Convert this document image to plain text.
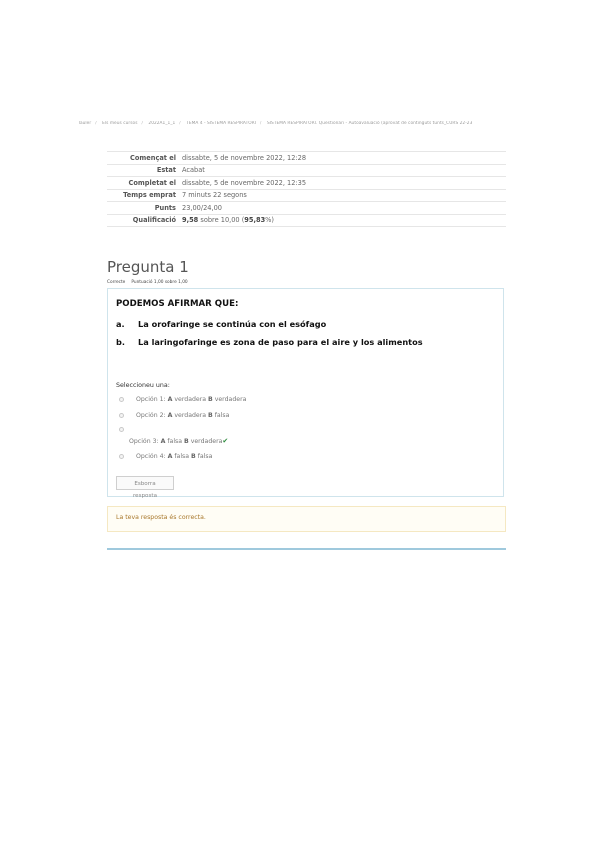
Tauler / Els meus cursos / 2022A1_1_1 / TEMA 4 - SISTEMA RESPIRATORI / SISTEMA RESPIRATORI. Qüestionari - Autoavaluació (aprovat de continguts tunts_CURS 22-23
Començat el	dissabte, 5 de novembre 2022, 12:28
Estat	Acabat
Completat el	dissabte, 5 de novembre 2022, 12:35
Temps emprat	7 minuts 22 segons
Punts	23,00/24,00
Qualificació	9,58 sobre 10,00 (95,83%)
Pregunta 1
Correcte Puntuació 1,00 sobre 1,00
PODEMOS AFIRMAR QUE:
a. La orofaringe se continúa con el esófago
b. La laringofaringe es zona de paso para el aire y los alimentos
Seleccioneu una:
Opción 1: A verdadera B verdadera
Opción 2: A verdadera B falsa
Opción 3: A falsa B verdadera✔
Opción 4: A falsa B falsa
Esborra resposta
La teva resposta és correcta.
